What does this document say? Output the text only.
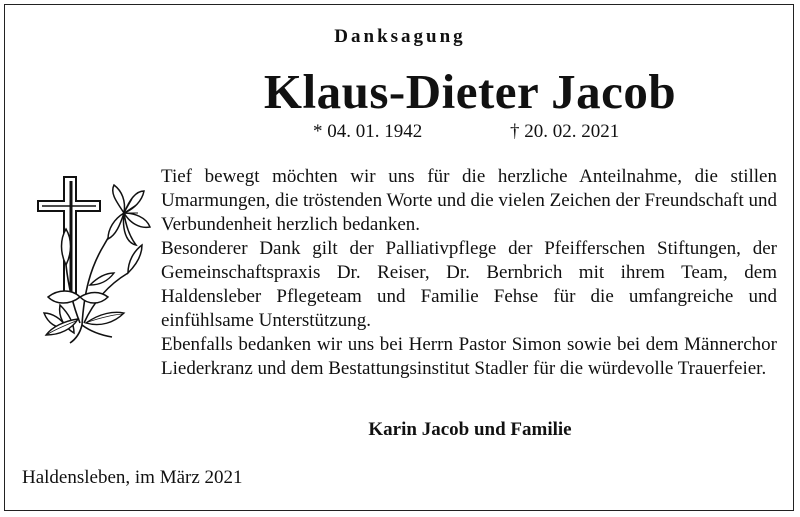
Danksagung
Klaus-Dieter Jacob
* 04. 01. 1942	† 20. 02. 2021

Tief bewegt möchten wir uns für die herzliche Anteilnahme, die stillen Umarmungen, die tröstenden Worte und die vielen Zeichen der Freundschaft und Verbundenheit herzlich bedanken.

Besonderer Dank gilt der Palliativpflege der Pfeifferschen Stiftungen, der Gemeinschaftspraxis Dr. Reiser, Dr. Bernbrich mit ihrem Team, dem Haldensleber Pflegeteam und Familie Fehse für die umfangreiche und einfühlsame Unterstützung.

Ebenfalls bedanken wir uns bei Herrn Pastor Simon sowie bei dem Männerchor Liederkranz und dem Bestattungsinstitut Stadler für die würdevolle Trauerfeier.

Karin Jacob und Familie
Haldensleben, im März 2021
